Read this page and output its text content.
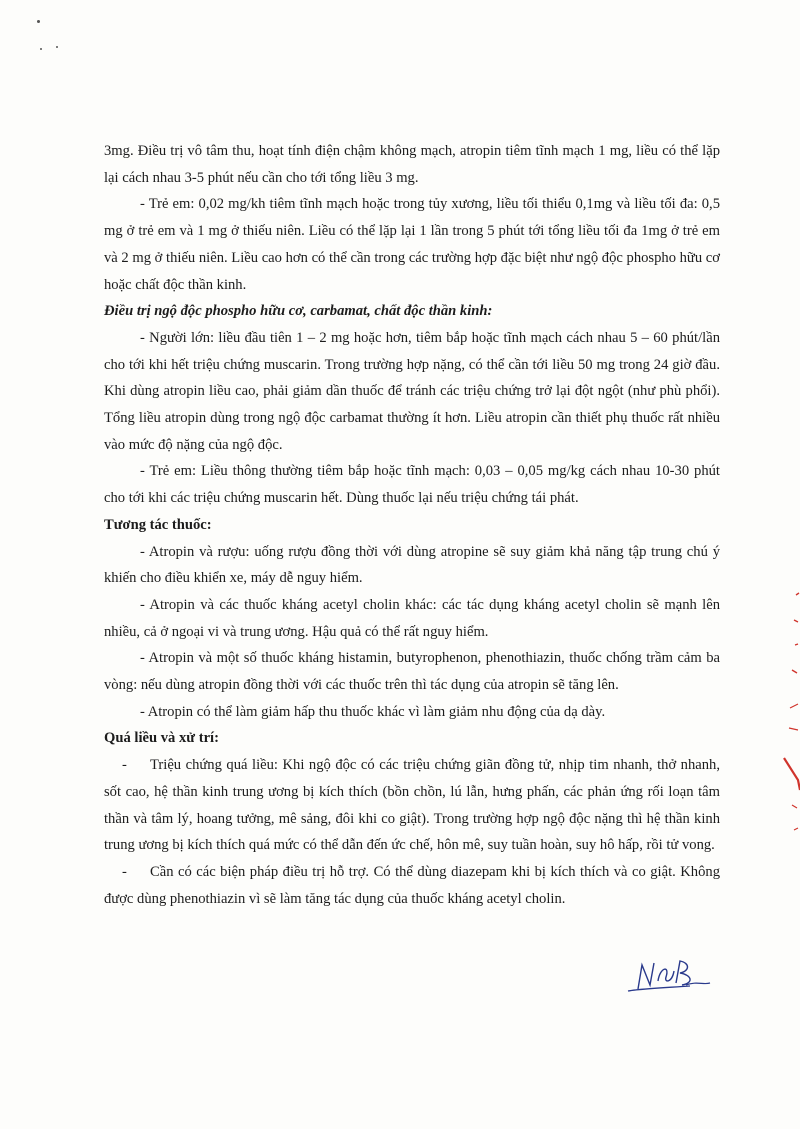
3mg. Điều trị vô tâm thu, hoạt tính điện chậm không mạch, atropin tiêm tĩnh mạch 1 mg, liều có thể lặp lại cách nhau 3-5 phút nếu cần cho tới tổng liều 3 mg.

- Trẻ em: 0,02 mg/kh tiêm tĩnh mạch hoặc trong tủy xương, liều tối thiểu 0,1mg và liều tối đa: 0,5 mg ở trẻ em và 1 mg ở thiếu niên. Liều có thể lặp lại 1 lần trong 5 phút tới tổng liều tối đa 1mg ở trẻ em và 2 mg ở thiếu niên. Liều cao hơn có thể cần trong các trường hợp đặc biệt như ngộ độc phospho hữu cơ hoặc chất độc thần kinh.

Điều trị ngộ độc phospho hữu cơ, carbamat, chất độc thần kinh:

- Người lớn: liều đầu tiên 1 – 2 mg hoặc hơn, tiêm bắp hoặc tĩnh mạch cách nhau 5 – 60 phút/lần cho tới khi hết triệu chứng muscarin. Trong trường hợp nặng, có thể cần tới liều 50 mg trong 24 giờ đầu. Khi dùng atropin liều cao, phải giảm dần thuốc để tránh các triệu chứng trở lại đột ngột (như phù phổi). Tổng liều atropin dùng trong ngộ độc carbamat thường ít hơn. Liều atropin cần thiết phụ thuốc rất nhiều vào mức độ nặng của ngộ độc.

- Trẻ em: Liều thông thường tiêm bắp hoặc tĩnh mạch: 0,03 – 0,05 mg/kg cách nhau 10-30 phút cho tới khi các triệu chứng muscarin hết. Dùng thuốc lại nếu triệu chứng tái phát.

Tương tác thuốc:

- Atropin và rượu: uống rượu đồng thời với dùng atropine sẽ suy giảm khả năng tập trung chú ý khiến cho điều khiển xe, máy dễ nguy hiểm.

- Atropin và các thuốc kháng acetyl cholin khác: các tác dụng kháng acetyl cholin sẽ mạnh lên nhiều, cả ở ngoại vi và trung ương. Hậu quả có thể rất nguy hiểm.

- Atropin và một số thuốc kháng histamin, butyrophenon, phenothiazin, thuốc chống trầm cảm ba vòng: nếu dùng atropin đồng thời với các thuốc trên thì tác dụng của atropin sẽ tăng lên.

- Atropin có thể làm giảm hấp thu thuốc khác vì làm giảm nhu động của dạ dày.

Quá liều và xử trí:

- Triệu chứng quá liều: Khi ngộ độc có các triệu chứng giãn đồng tử, nhịp tim nhanh, thở nhanh, sốt cao, hệ thần kinh trung ương bị kích thích (bồn chồn, lú lẫn, hưng phấn, các phản ứng rối loạn tâm thần và tâm lý, hoang tưởng, mê sảng, đôi khi co giật). Trong trường hợp ngộ độc nặng thì hệ thần kinh trung ương bị kích thích quá mức có thể dẫn đến ức chế, hôn mê, suy tuần hoàn, suy hô hấp, rồi tử vong.

- Cần có các biện pháp điều trị hỗ trợ. Có thể dùng diazepam khi bị kích thích và co giật. Không được dùng phenothiazin vì sẽ làm tăng tác dụng của thuốc kháng acetyl cholin.
